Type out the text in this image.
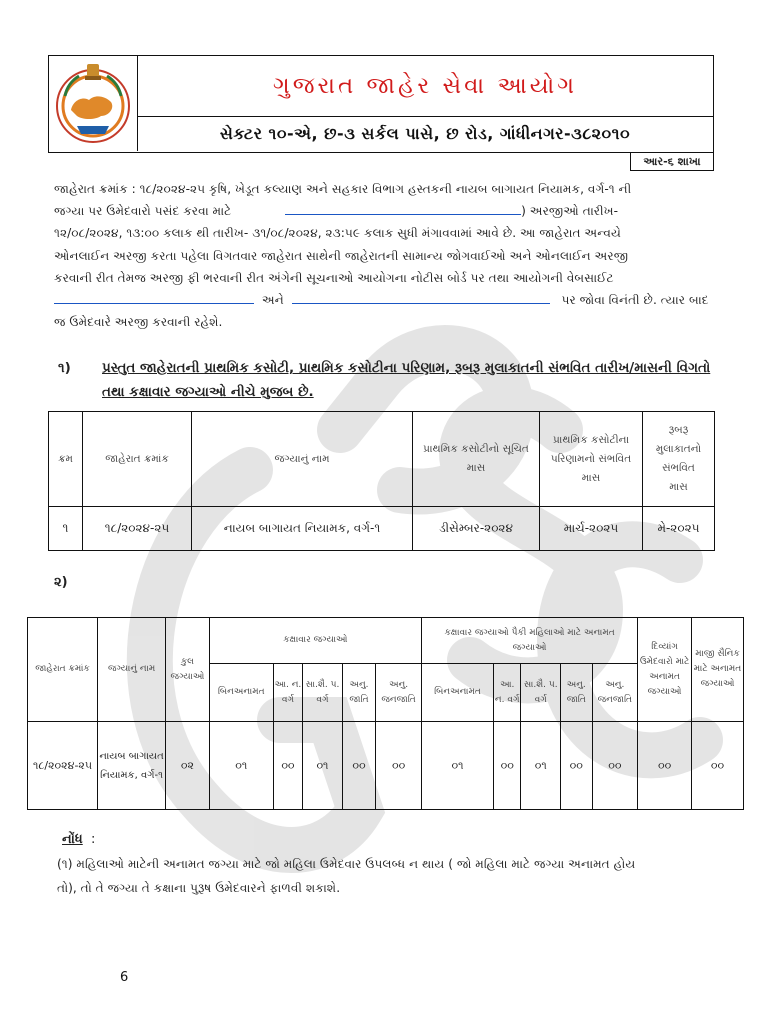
ગુજરાત જાહેર સેવા આયોગ
સેક્ટર ૧૦-એ, છ-૩ સર્કલ પાસે, છ રોડ, ગાંધીનગર-૩૮૨૦૧૦
આર-૬ શાખા
જાહેરાત ક્રમાંક : ૧૮/૨૦૨૪-૨૫ કૃષિ, ખેડૂત કલ્યાણ અને સહકાર વિભાગ હસ્તકની નાયબ બાગાયત નિયામક, વર્ગ-૧ ની
જગ્યા પર ઉમેદવારો પસંદ કરવા માટે	) અરજીઓ તારીખ-
૧૨/૦૮/૨૦૨૪, ૧૩:૦૦ કલાક થી તારીખ- ૩૧/૦૮/૨૦૨૪, ૨૩:૫૯ કલાક સુધી મંગાવવામાં આવે છે. આ જાહેરાત અન્વયે
ઓનલાઈન અરજી કરતા પહેલા વિગતવાર જાહેરાત સાથેની જાહેરાતની સામાન્ય જોગવાઈઓ અને ઓનલાઈન અરજી
કરવાની રીત તેમજ અરજી ફી ભરવાની રીત અંગેની સૂચનાઓ આયોગના નોટીસ બોર્ડ પર તથા આયોગની વેબસાઈટ
અને	પર જોવા વિનંતી છે. ત્યાર બાદ
જ ઉમેદવારે અરજી કરવાની રહેશે.
૧) પ્રસ્તુત જાહેરાતની પ્રાથમિક કસોટી, પ્રાથમિક કસોટીના પરિણામ, રૂબરૂ મુલાકાતની સંભવિત તારીખ/માસની વિગતો તથા કક્ષાવાર જગ્યાઓ નીચે મુજબ છે.
ક્રમ	જાહેરાત ક્રમાંક	જગ્યાનું નામ	પ્રાથમિક કસોટીનો સૂચિત માસ	પ્રાથમિક કસોટીના પરિણામનો સંભવિત માસ	રૂબરૂ મુલાકાતનો સંભવિત માસ
૧	૧૮/૨૦૨૪-૨૫	નાયબ બાગાયત નિયામક, વર્ગ-૧	ડીસેમ્બર-૨૦૨૪	માર્ચ-૨૦૨૫	મે-૨૦૨૫
૨)
જાહેરાત ક્રમાંક	જગ્યાનું નામ	કુલ જગ્યાઓ	કક્ષાવાર જગ્યાઓ					કક્ષાવાર જગ્યાઓ પૈકી મહિલાઓ માટે અનામત જગ્યાઓ					દિવ્યાંગ ઉમેદવારો માટે અનામત જગ્યાઓ	માજી સૈનિક માટે અનામત જગ્યાઓ
			બિનઅનામત	આ. ન. વર્ગ	સા.શૈ. પ. વર્ગ	અનુ. જાતિ	અનુ. જનજાતિ	બિનઅનામત	આ. ન. વર્ગ	સા.શૈ. પ. વર્ગ	અનુ. જાતિ	અનુ. જનજાતિ		
૧૮/૨૦૨૪-૨૫	નાયબ બાગાયત નિયામક, વર્ગ-૧	૦૨	૦૧	૦૦	૦૧	૦૦	૦૦	૦૧	૦૦	૦૧	૦૦	૦૦	૦૦	૦૦
નોંધ :
(૧) મહિલાઓ માટેની અનામત જગ્યા માટે જો મહિલા ઉમેદવાર ઉપલબ્ધ ન થાય ( જો મહિલા માટે જગ્યા અનામત હોય
તો), તો તે જગ્યા તે કક્ષાના પુરૂષ ઉમેદવારને ફાળવી શકાશે.
6
